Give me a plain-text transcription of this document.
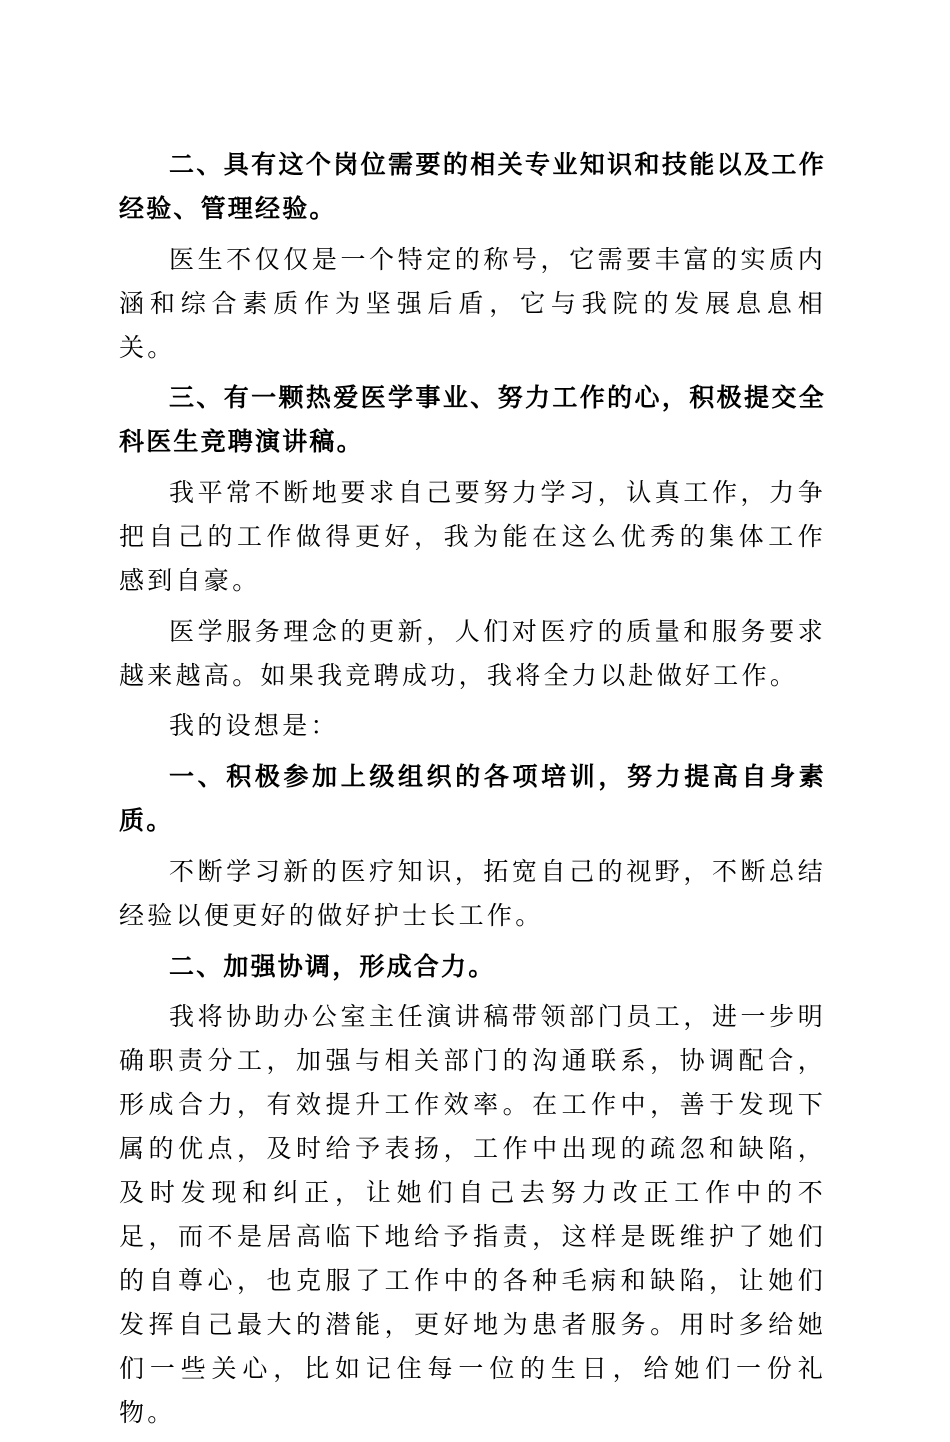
二、具有这个岗位需要的相关专业知识和技能以及工作经验、管理经验。

医生不仅仅是一个特定的称号，它需要丰富的实质内涵和综合素质作为坚强后盾，它与我院的发展息息相关。

三、有一颗热爱医学事业、努力工作的心，积极提交全科医生竞聘演讲稿。

我平常不断地要求自己要努力学习，认真工作，力争把自己的工作做得更好，我为能在这么优秀的集体工作感到自豪。

医学服务理念的更新，人们对医疗的质量和服务要求越来越高。如果我竞聘成功，我将全力以赴做好工作。

我的设想是：

一、积极参加上级组织的各项培训，努力提高自身素质。

不断学习新的医疗知识，拓宽自己的视野，不断总结经验以便更好的做好护士长工作。

二、加强协调，形成合力。

我将协助办公室主任演讲稿带领部门员工，进一步明确职责分工，加强与相关部门的沟通联系，协调配合，形成合力，有效提升工作效率。在工作中，善于发现下属的优点，及时给予表扬，工作中出现的疏忽和缺陷，及时发现和纠正，让她们自己去努力改正工作中的不足，而不是居高临下地给予指责，这样是既维护了她们的自尊心，也克服了工作中的各种毛病和缺陷，让她们发挥自己最大的潜能，更好地为患者服务。用时多给她们一些关心，比如记住每一位的生日，给她们一份礼物。
